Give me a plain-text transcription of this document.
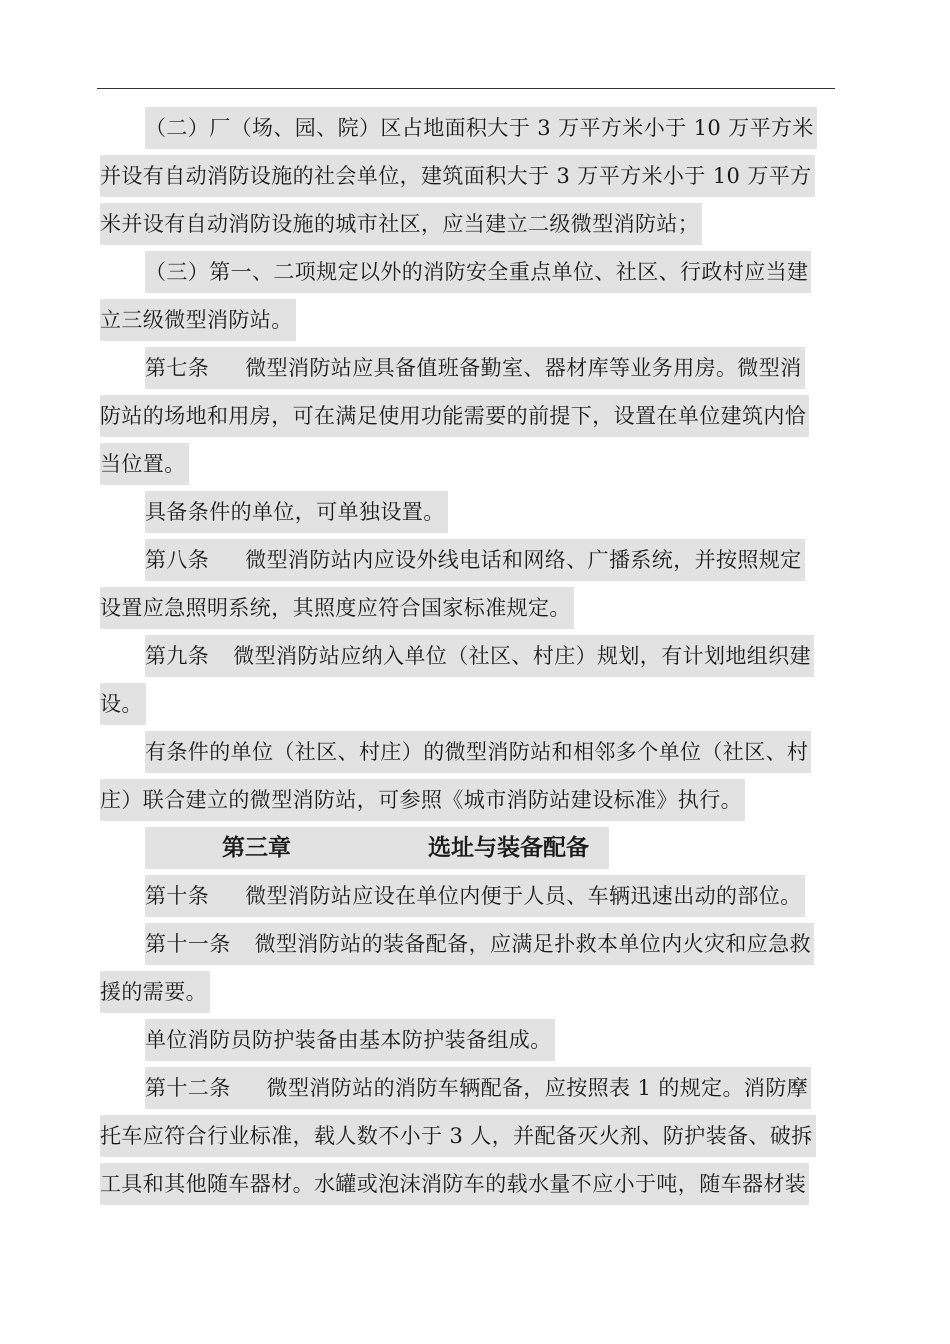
（二）厂（场、园、院）区占地面积大于 3 万平方米小于 10 万平方米
并设有自动消防设施的社会单位，建筑面积大于 3 万平方米小于 10 万平方
米并设有自动消防设施的城市社区，应当建立二级微型消防站；
（三）第一、二项规定以外的消防安全重点单位、社区、行政村应当建
立三级微型消防站。
第七条 微型消防站应具备值班备勤室、器材库等业务用房。微型消
防站的场地和用房，可在满足使用功能需要的前提下，设置在单位建筑内恰
当位置。
具备条件的单位，可单独设置。
第八条 微型消防站内应设外线电话和网络、广播系统，并按照规定
设置应急照明系统，其照度应符合国家标准规定。
第九条 微型消防站应纳入单位（社区、村庄）规划，有计划地组织建
设。
有条件的单位（社区、村庄）的微型消防站和相邻多个单位（社区、村
庄）联合建立的微型消防站，可参照《城市消防站建设标准》执行。
第三章	选址与装备配备
第十条 微型消防站应设在单位内便于人员、车辆迅速出动的部位。
第十一条 微型消防站的装备配备，应满足扑救本单位内火灾和应急救
援的需要。
单位消防员防护装备由基本防护装备组成。
第十二条 微型消防站的消防车辆配备，应按照表 1 的规定。消防摩
托车应符合行业标准，载人数不小于 3 人，并配备灭火剂、防护装备、破拆
工具和其他随车器材。水罐或泡沫消防车的载水量不应小于吨，随车器材装
